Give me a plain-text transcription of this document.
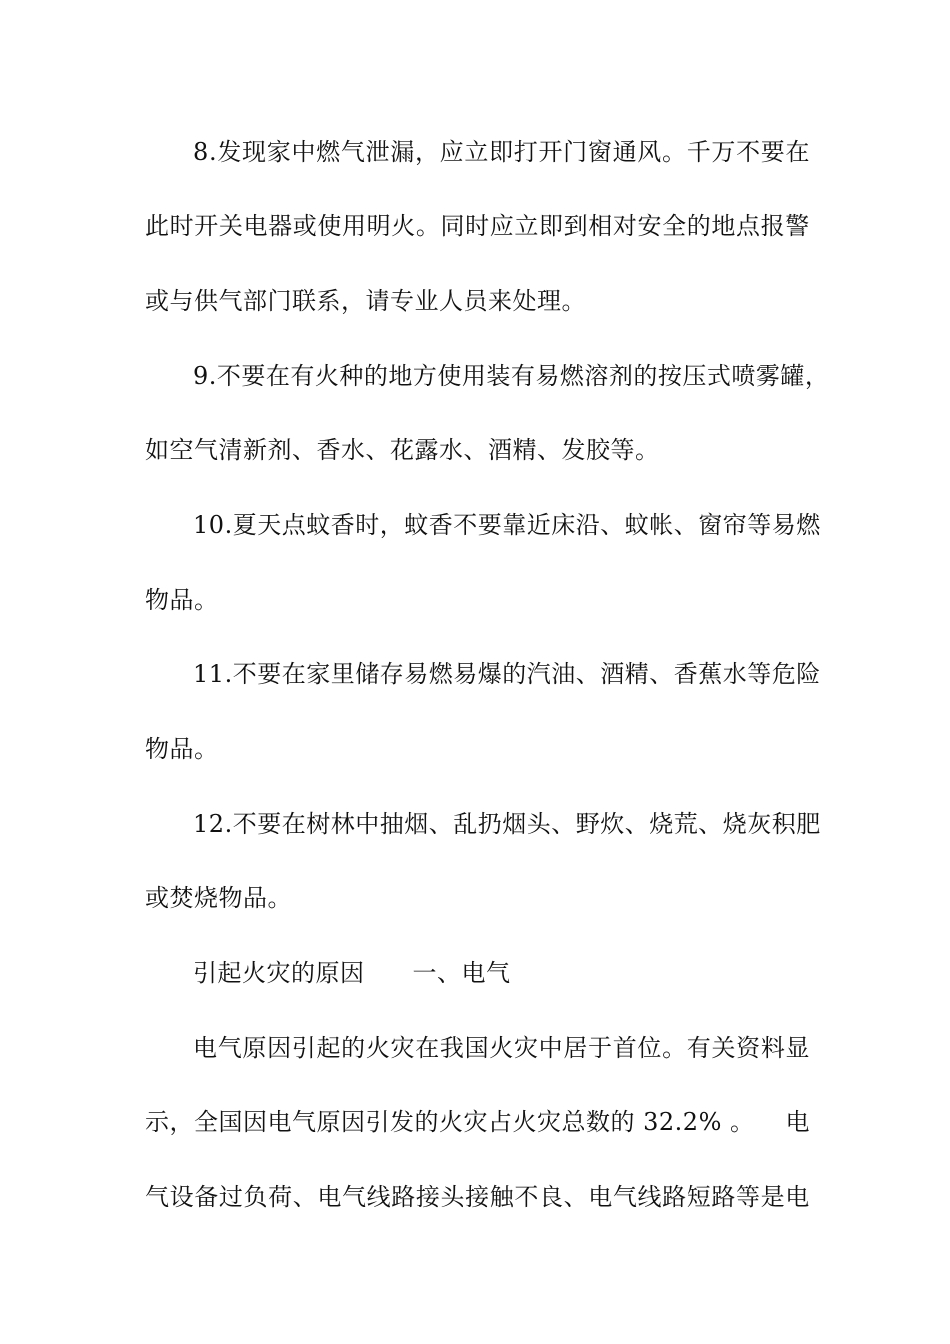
8 . 发 现 家 中 燃 气 泄 漏 ， 应 立 即 打 开 门 窗 通 风 。 千 万 不 要 在
此 时 开 关 电 器 或 使 用 明 火 。 同 时 应 立 即 到 相 对 安 全 的 地 点 报 警
或与供气部门联系，请专业人员来处理。
9 . 不 要 在 有 火 种 的 地 方 使 用 装 有 易 燃 溶 剂 的 按 压 式 喷 雾 罐 ，
如空气清新剂、香水、花露水、酒精、发胶等。
1 0 . 夏 天 点 蚊 香 时 ， 蚊 香 不 要 靠 近 床 沿 、 蚊 帐 、 窗 帘 等 易 燃
物品。
1 1 . 不 要 在 家 里 储 存 易 燃 易 爆 的 汽 油 、 酒 精 、 香 蕉 水 等 危 险
物品。
1 2 . 不 要 在 树 林 中 抽 烟 、 乱 扔 烟 头 、 野 炊 、 烧 荒 、 烧 灰 积 肥
或焚烧物品。
引起火灾的原因 一、电气
电 气 原 因 引 起 的 火 灾 在 我 国 火 灾 中 居 于 首 位 。 有 关 资 料 显
示，全国因电气原因引发的火灾占火灾总数的 32.2% 。 电
气 设 备 过 负 荷 、 电 气 线 路 接 头 接 触 不 良 、 电 气 线 路 短 路 等 是 电
